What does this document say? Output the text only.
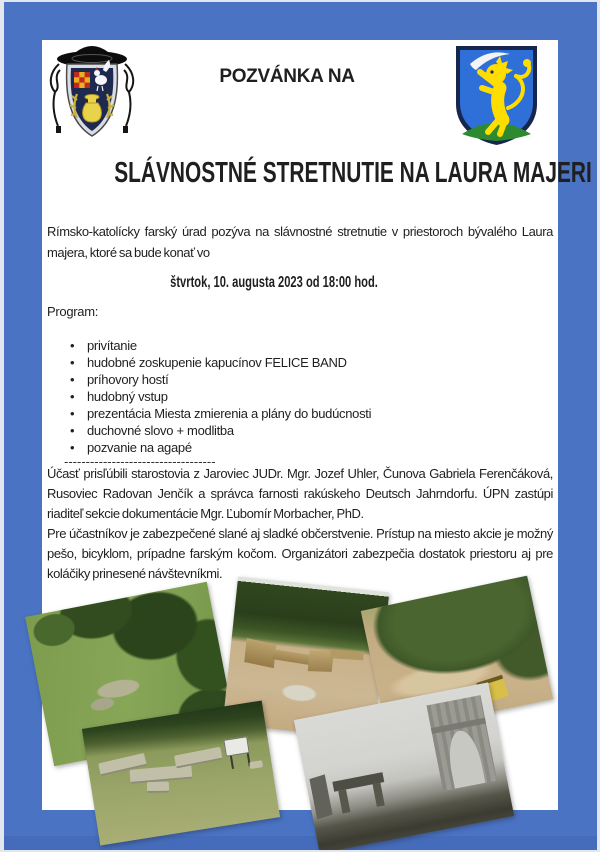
POZVÁNKA NA
SLÁVNOSTNÉ STRETNUTIE NA LAURA MAJERI
Rímsko-katolícky farský úrad pozýva na slávnostné stretnutie v priestoroch bývalého Laura majera, ktoré sa bude konať vo
štvrtok, 10. augusta 2023 od 18:00 hod.
Program:
• privítanie
• hudobné zoskupenie kapucínov FELICE BAND
• príhovory hostí
• hudobný vstup
• prezentácia Miesta zmierenia a plány do budúcnosti
• duchovné slovo + modlitba
• pozvanie na agapé
-----------------------------------
Účasť prisľúbili starostovia z Jaroviec JUDr. Mgr. Jozef Uhler, Čunova Gabriela Ferenčáková, Rusoviec Radovan Jenčík a správca farnosti rakúskeho Deutsch Jahrndorfu. ÚPN zastúpi riaditeľ sekcie dokumentácie Mgr. Ľubomír Morbacher, PhD.
Pre účastníkov je zabezpečené slané aj sladké občerstvenie. Prístup na miesto akcie je možný pešo, bicyklom, prípadne farským kočom. Organizátori zabezpečia dostatok priestoru aj pre koláčiky prinesené návštevníkmi.
